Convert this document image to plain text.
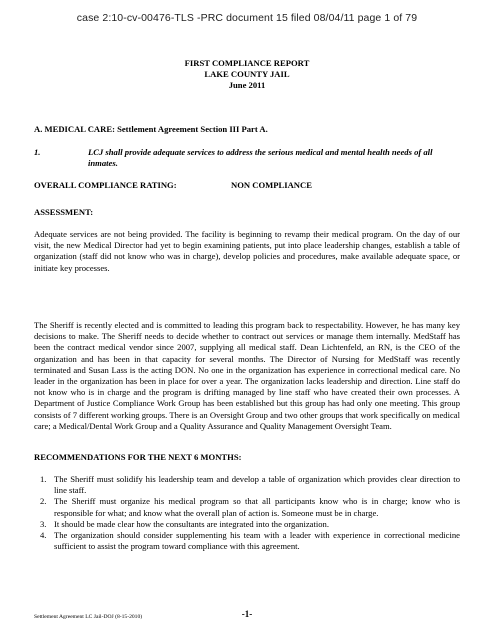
case 2:10-cv-00476-TLS -PRC document 15 filed 08/04/11 page 1 of 79
FIRST COMPLIANCE REPORT
LAKE COUNTY JAIL
June 2011
A. MEDICAL CARE: Settlement Agreement Section III Part A.
1.	LCJ shall provide adequate services to address the serious medical and mental health needs of all inmates.
OVERALL COMPLIANCE RATING:	NON COMPLIANCE
ASSESSMENT:
Adequate services are not being provided. The facility is beginning to revamp their medical program. On the day of our visit, the new Medical Director had yet to begin examining patients, put into place leadership changes, establish a table of organization (staff did not know who was in charge), develop policies and procedures, make available adequate space, or initiate key processes.
The Sheriff is recently elected and is committed to leading this program back to respectability. However, he has many key decisions to make. The Sheriff needs to decide whether to contract out services or manage them internally. MedStaff has been the contract medical vendor since 2007, supplying all medical staff. Dean Lichtenfeld, an RN, is the CEO of the organization and has been in that capacity for several months. The Director of Nursing for MedStaff was recently terminated and Susan Lass is the acting DON. No one in the organization has experience in correctional medical care. No leader in the organization has been in place for over a year. The organization lacks leadership and direction. Line staff do not know who is in charge and the program is drifting managed by line staff who have created their own processes. A Department of Justice Compliance Work Group has been established but this group has had only one meeting. This group consists of 7 different working groups. There is an Oversight Group and two other groups that work specifically on medical care; a Medical/Dental Work Group and a Quality Assurance and Quality Management Oversight Team.
RECOMMENDATIONS FOR THE NEXT 6 MONTHS:
1. The Sheriff must solidify his leadership team and develop a table of organization which provides clear direction to line staff.
2. The Sheriff must organize his medical program so that all participants know who is in charge; know who is responsible for what; and know what the overall plan of action is. Someone must be in charge.
3. It should be made clear how the consultants are integrated into the organization.
4. The organization should consider supplementing his team with a leader with experience in correctional medicine sufficient to assist the program toward compliance with this agreement.
Settlement Agreement LC Jail-DOJ (8-15-2010)	-1-
